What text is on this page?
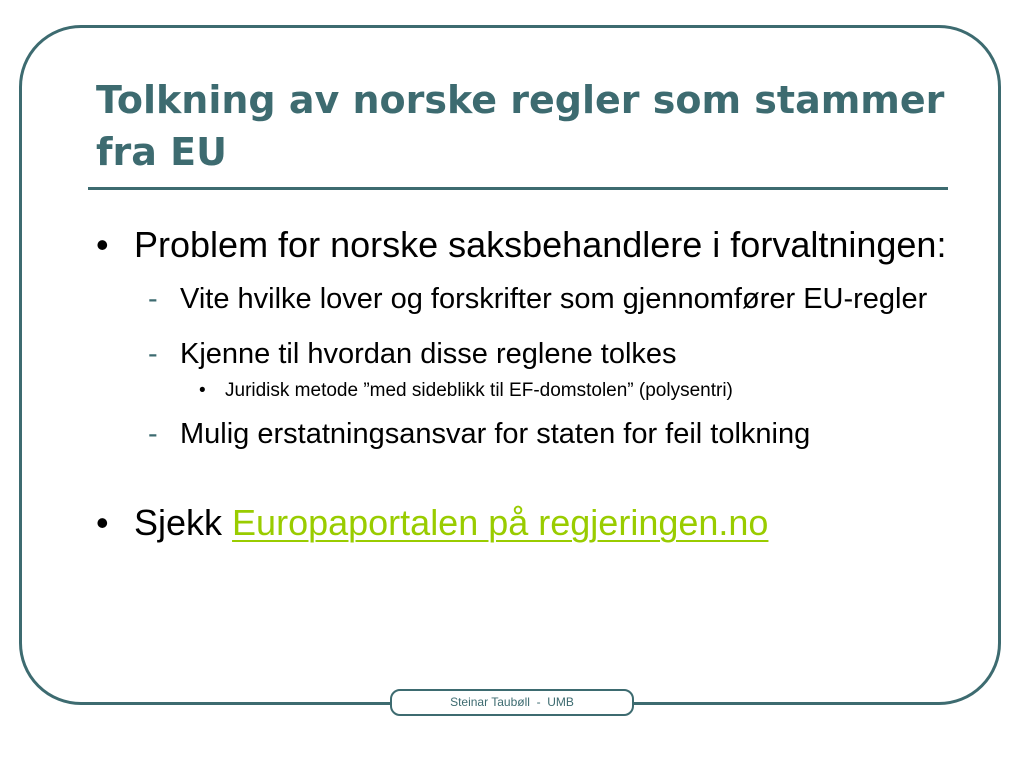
Tolkning av norske regler som stammer fra EU
• Problem for norske saksbehandlere i forvaltningen:
- Vite hvilke lover og forskrifter som gjennomfører EU-regler
- Kjenne til hvordan disse reglene tolkes
• Juridisk metode ”med sideblikk til EF-domstolen” (polysentri)
- Mulig erstatningsansvar for staten for feil tolkning
• Sjekk Europaportalen på regjeringen.no
Steinar Taubøll - UMB
